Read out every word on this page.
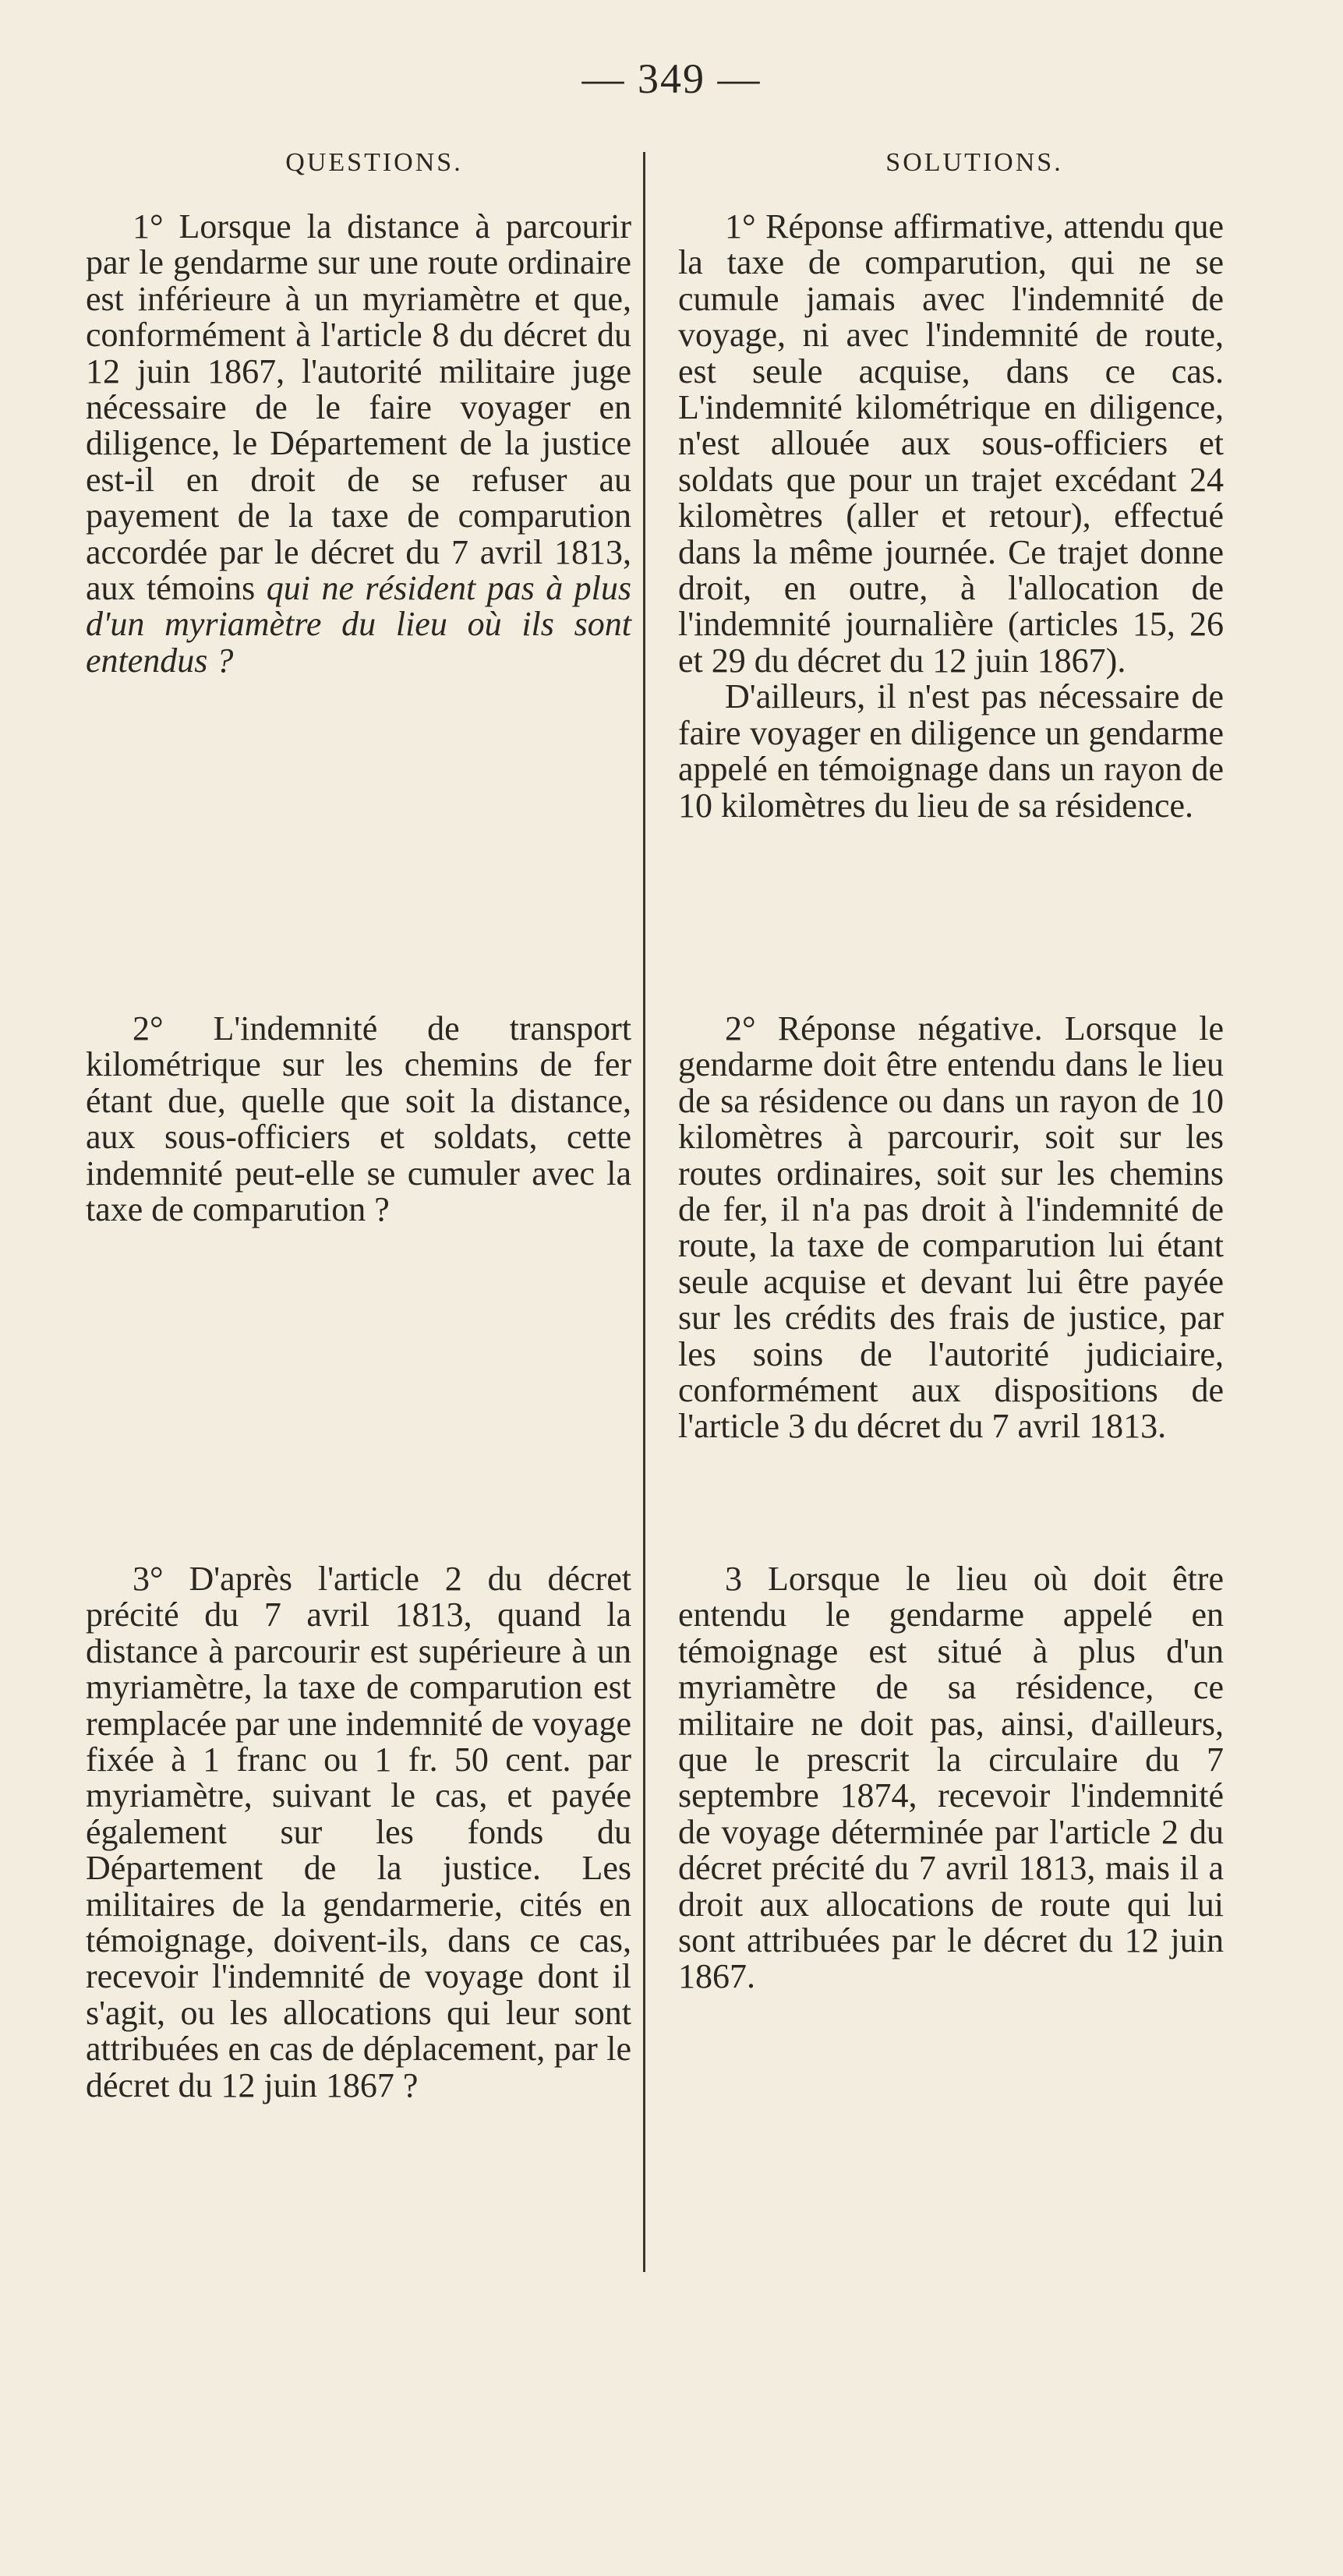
— 349 —
QUESTIONS.	SOLUTIONS.

1° Lorsque la distance à parcourir par le gendarme sur une route ordinaire est inférieure à un myriamètre et que, conformément à l'article 8 du décret du 12 juin 1867, l'autorité militaire juge nécessaire de le faire voyager en diligence, le Département de la justice est-il en droit de se refuser au payement de la taxe de comparution accordée par le décret du 7 avril 1813, aux témoins qui ne résident pas à plus d'un myriamètre du lieu où ils sont entendus ?

2° L'indemnité de transport kilométrique sur les chemins de fer étant due, quelle que soit la distance, aux sous-officiers et soldats, cette indemnité peut-elle se cumuler avec la taxe de comparution ?

3° D'après l'article 2 du décret précité du 7 avril 1813, quand la distance à parcourir est supérieure à un myriamètre, la taxe de comparution est remplacée par une indemnité de voyage fixée à 1 franc ou 1 fr. 50 cent. par myriamètre, suivant le cas, et payée également sur les fonds du Département de la justice. Les militaires de la gendarmerie, cités en témoignage, doivent-ils, dans ce cas, recevoir l'indemnité de voyage dont il s'agit, ou les allocations qui leur sont attribuées en cas de déplacement, par le décret du 12 juin 1867 ?

1° Réponse affirmative, attendu que la taxe de comparution, qui ne se cumule jamais avec l'indemnité de voyage, ni avec l'indemnité de route, est seule acquise, dans ce cas. L'indemnité kilométrique en diligence, n'est allouée aux sous-officiers et soldats que pour un trajet excédant 24 kilomètres (aller et retour), effectué dans la même journée. Ce trajet donne droit, en outre, à l'allocation de l'indemnité journalière (articles 15, 26 et 29 du décret du 12 juin 1867).

D'ailleurs, il n'est pas nécessaire de faire voyager en diligence un gendarme appelé en témoignage dans un rayon de 10 kilomètres du lieu de sa résidence.

2° Réponse négative. Lorsque le gendarme doit être entendu dans le lieu de sa résidence ou dans un rayon de 10 kilomètres à parcourir, soit sur les routes ordinaires, soit sur les chemins de fer, il n'a pas droit à l'indemnité de route, la taxe de comparution lui étant seule acquise et devant lui être payée sur les crédits des frais de justice, par les soins de l'autorité judiciaire, conformément aux dispositions de l'article 3 du décret du 7 avril 1813.

3 Lorsque le lieu où doit être entendu le gendarme appelé en témoignage est situé à plus d'un myriamètre de sa résidence, ce militaire ne doit pas, ainsi, d'ailleurs, que le prescrit la circulaire du 7 septembre 1874, recevoir l'indemnité de voyage déterminée par l'article 2 du décret précité du 7 avril 1813, mais il a droit aux allocations de route qui lui sont attribuées par le décret du 12 juin 1867.
